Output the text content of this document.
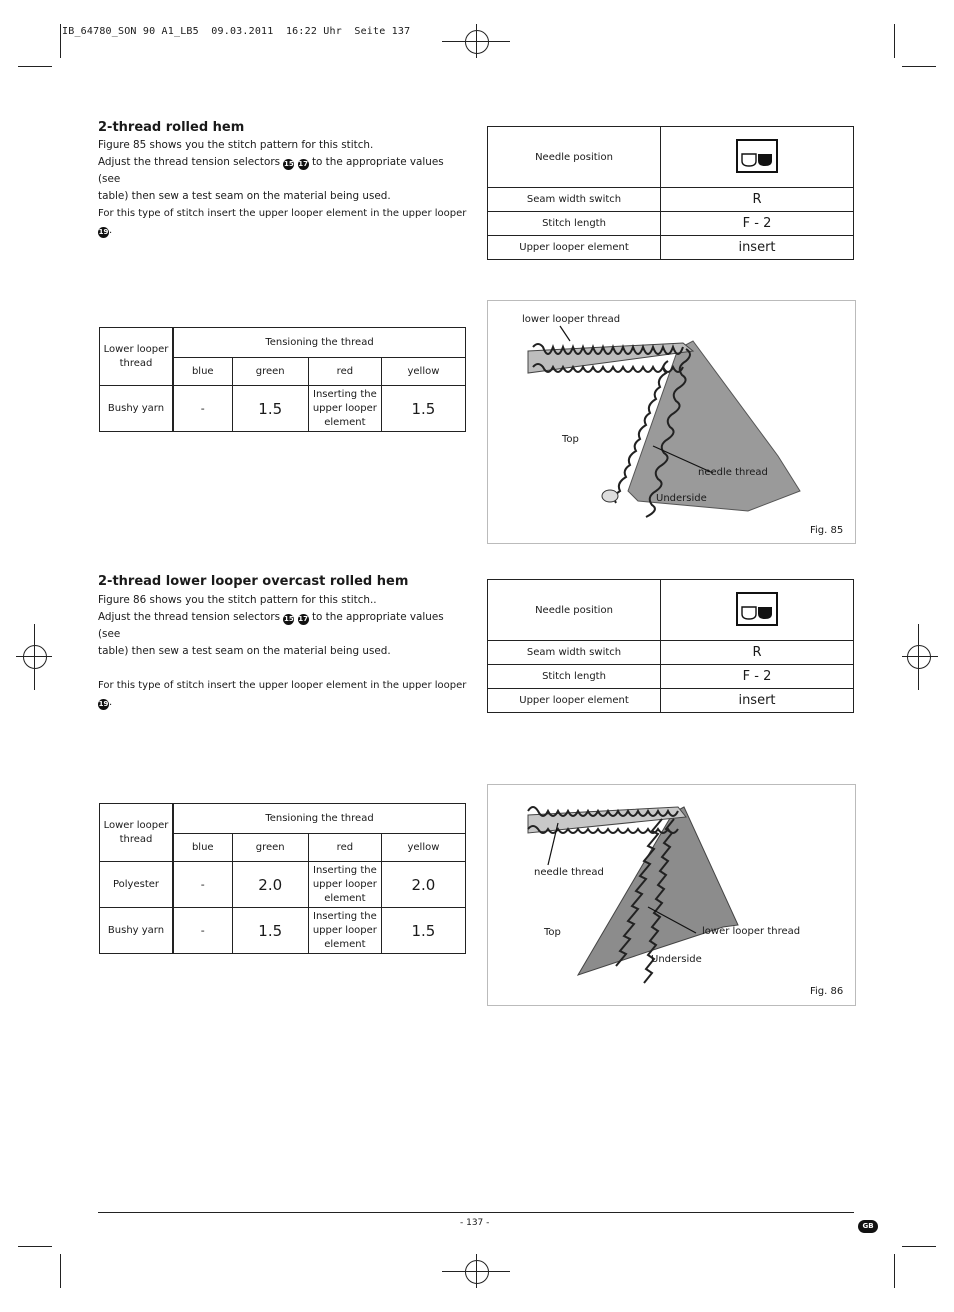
IB_64780_SON 90 A1_LB5  09.03.2011  16:22 Uhr  Seite 137
2-thread rolled hem

Figure 85 shows you the stitch pattern for this stitch.

Adjust the thread tension selectors 15 17 to the appropriate values (see

table) then sew a test seam on the material being used.

For this type of stitch insert the upper looper element in the upper looper 19.

Needle position	

Seam width switch	R
Stitch length	F - 2
Upper looper element	insert
Lower looper thread	Tensioning the thread			
	blue	green	red	yellow
Bushy yarn	-	1.5	Inserting the upper looper element	1.5
lower looper thread
Top
needle thread
Underside
Fig. 85
2-thread lower looper overcast rolled hem

Figure 86 shows you the stitch pattern for this stitch..

Adjust the thread tension selectors 15 17 to the appropriate values (see

table) then sew a test seam on the material being used.

For this type of stitch insert the upper looper element in the upper looper 19.

Needle position	

Seam width switch	R
Stitch length	F - 2
Upper looper element	insert
Lower looper thread	Tensioning the thread			
	blue	green	red	yellow
Polyester	-	2.0	Inserting the upper looper element	2.0
Bushy yarn	-	1.5	Inserting the upper looper element	1.5
needle thread
Top	lower looper thread
Underside
Fig. 86
- 137 -	GB
